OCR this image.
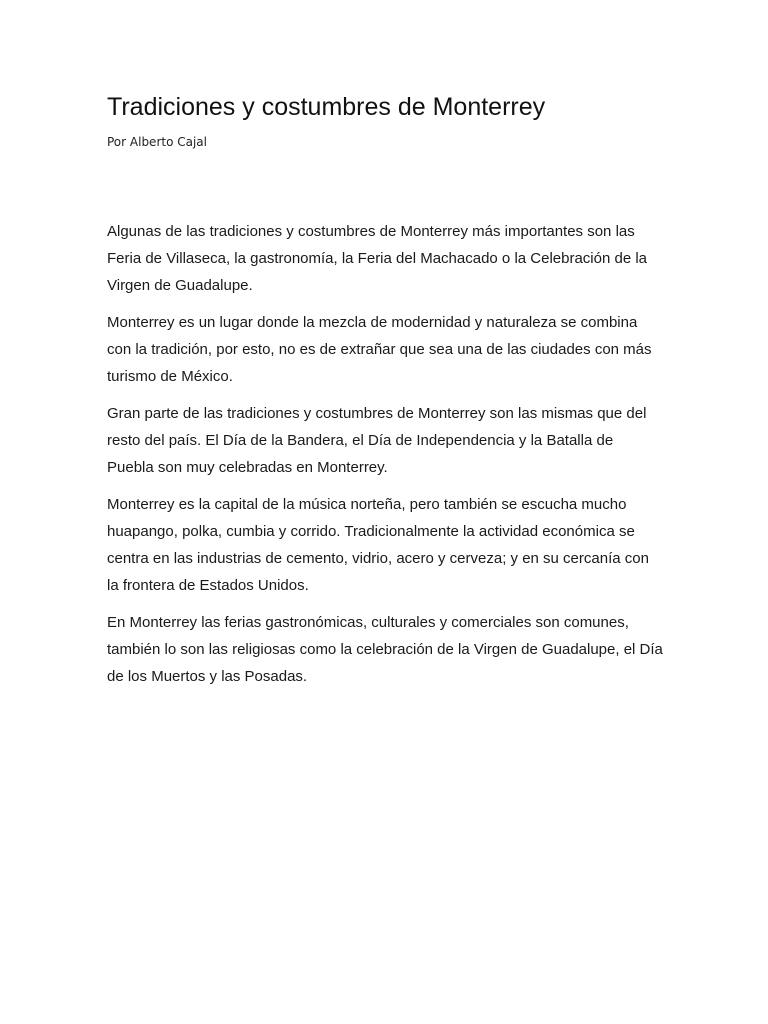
Tradiciones y costumbres de Monterrey
Por Alberto Cajal

Algunas de las tradiciones y costumbres de Monterrey más importantes son las Feria de Villaseca, la gastronomía, la Feria del Machacado o la Celebración de la Virgen de Guadalupe.

Monterrey es un lugar donde la mezcla de modernidad y naturaleza se combina con la tradición, por esto, no es de extrañar que sea una de las ciudades con más turismo de México.

Gran parte de las tradiciones y costumbres de Monterrey son las mismas que del resto del país. El Día de la Bandera, el Día de Independencia y la Batalla de Puebla son muy celebradas en Monterrey.

Monterrey es la capital de la música norteña, pero también se escucha mucho huapango, polka, cumbia y corrido. Tradicionalmente la actividad económica se centra en las industrias de cemento, vidrio, acero y cerveza; y en su cercanía con la frontera de Estados Unidos.

En Monterrey las ferias gastronómicas, culturales y comerciales son comunes, también lo son las religiosas como la celebración de la Virgen de Guadalupe, el Día de los Muertos y las Posadas.
